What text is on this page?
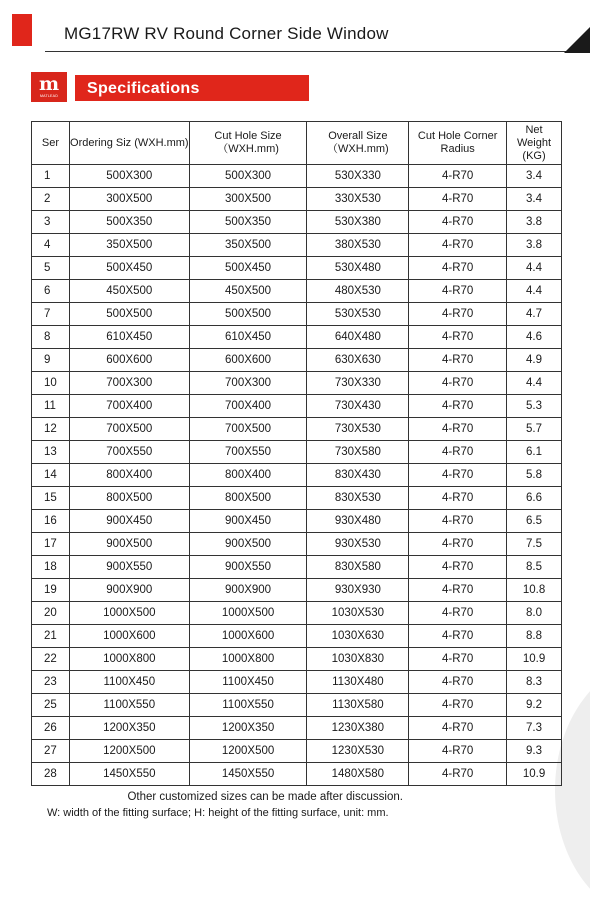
MG17RW RV Round Corner Side Window
m
MATLEAD	Specifications
Ser	Ordering Siz (WXH.mm)	Cut Hole Size （WXH.mm)	Overall Size （WXH.mm)	Cut Hole Corner Radius	Net Weight (KG)
1	500X300	500X300	530X330	4-R70	3.4
2	300X500	300X500	330X530	4-R70	3.4
3	500X350	500X350	530X380	4-R70	3.8
4	350X500	350X500	380X530	4-R70	3.8
5	500X450	500X450	530X480	4-R70	4.4
6	450X500	450X500	480X530	4-R70	4.4
7	500X500	500X500	530X530	4-R70	4.7
8	610X450	610X450	640X480	4-R70	4.6
9	600X600	600X600	630X630	4-R70	4.9
10	700X300	700X300	730X330	4-R70	4.4
11	700X400	700X400	730X430	4-R70	5.3
12	700X500	700X500	730X530	4-R70	5.7
13	700X550	700X550	730X580	4-R70	6.1
14	800X400	800X400	830X430	4-R70	5.8
15	800X500	800X500	830X530	4-R70	6.6
16	900X450	900X450	930X480	4-R70	6.5
17	900X500	900X500	930X530	4-R70	7.5
18	900X550	900X550	830X580	4-R70	8.5
19	900X900	900X900	930X930	4-R70	10.8
20	1000X500	1000X500	1030X530	4-R70	8.0
21	1000X600	1000X600	1030X630	4-R70	8.8
22	1000X800	1000X800	1030X830	4-R70	10.9
23	1100X450	1100X450	1130X480	4-R70	8.3
25	1100X550	1100X550	1130X580	4-R70	9.2
26	1200X350	1200X350	1230X380	4-R70	7.3
27	1200X500	1200X500	1230X530	4-R70	9.3
28	1450X550	1450X550	1480X580	4-R70	10.9
	Other customized sizes can be made after discussion.				
W: width of the fitting surface; H: height of the fitting surface, unit: mm.
